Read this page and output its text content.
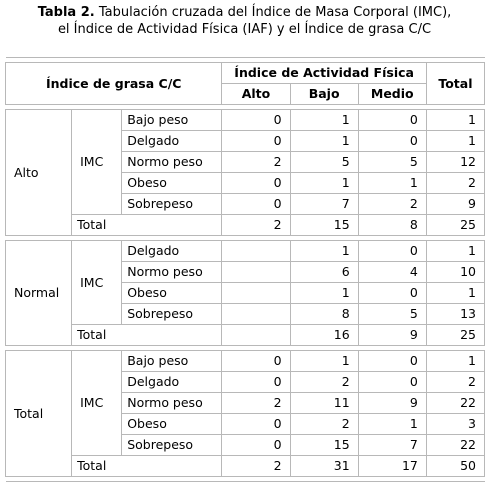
Tabla 2. Tabulación cruzada del Índice de Masa Corporal (IMC),
el Índice de Actividad Física (IAF) y el Índice de grasa C/C

Índice de grasa C/C			Índice de Actividad Física			Total
			Alto	Bajo	Medio	

Alto	IMC	Bajo peso	0	1	0	1
		Delgado	0	1	0	1
		Normo peso	2	5	5	12
		Obeso	0	1	1	2
		Sobrepeso	0	7	2	9
	Total		2	15	8	25

Normal	IMC	Delgado		1	0	1
		Normo peso		6	4	10
		Obeso		1	0	1
		Sobrepeso		8	5	13
	Total			16	9	25

Total	IMC	Bajo peso	0	1	0	1
		Delgado	0	2	0	2
		Normo peso	2	11	9	22
		Obeso	0	2	1	3
		Sobrepeso	0	15	7	22
	Total		2	31	17	50
